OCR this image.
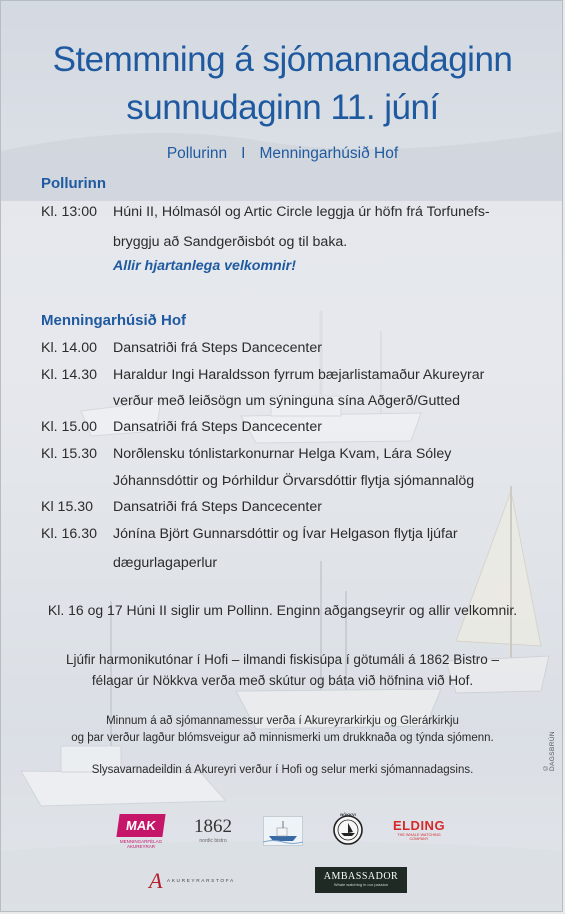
Stemmning á sjómannadaginn
sunnudaginn 11. júní
Pollurinn I Menningarhúsið Hof
Pollurinn
Kl. 13:00 Húni II, Hólmasól og Artic Circle leggja úr höfn frá Torfunefs-
bryggju að Sandgerðisbót og til baka.
Allir hjartanlega velkomnir!
Menningarhúsið Hof
Kl. 14.00 Dansatriði frá Steps Dancecenter
Kl. 14.30 Haraldur Ingi Haraldsson fyrrum bæjarlistamaður Akureyrar
verður með leiðsögn um sýninguna sína Aðgerð/Gutted
Kl. 15.00 Dansatriði frá Steps Dancecenter
Kl. 15.30 Norðlensku tónlistarkonurnar Helga Kvam, Lára Sóley
Jóhannsdóttir og Þórhildur Örvarsdóttir flytja sjómannalög
Kl 15.30 Dansatriði frá Steps Dancecenter
Kl. 16.30 Jónína Björt Gunnarsdóttir og Ívar Helgason flytja ljúfar
dægurlagaperlur
Kl. 16 og 17 Húni II siglir um Pollinn. Enginn aðgangseyrir og allir velkomnir.
Ljúfir harmonikutónar í Hofi – ilmandi fiskisúpa í götumáli á 1862 Bistro –
félagar úr Nökkva verða með skútur og báta við höfnina við Hof.
Minnum á að sjómannamessur verða í Akureyrarkirkju og Glerárkirkju
og þar verður lagður blómsveigur að minnismerki um drukknaða og týnda sjómenn.
Slysavarnadeildin á Akureyri verður í Hofi og selur merki sjómannadagsins.	© DAGSBRÚN
MAK
MENNINGARFÉLAG
AKUREYRAR
1862
nordic bistro
NÖKKVI
ELDING
THE WHALE WATCHING COMPANY
A AKUREYRARSTOFA	AMBASSADOR
Whale watching in our passion
